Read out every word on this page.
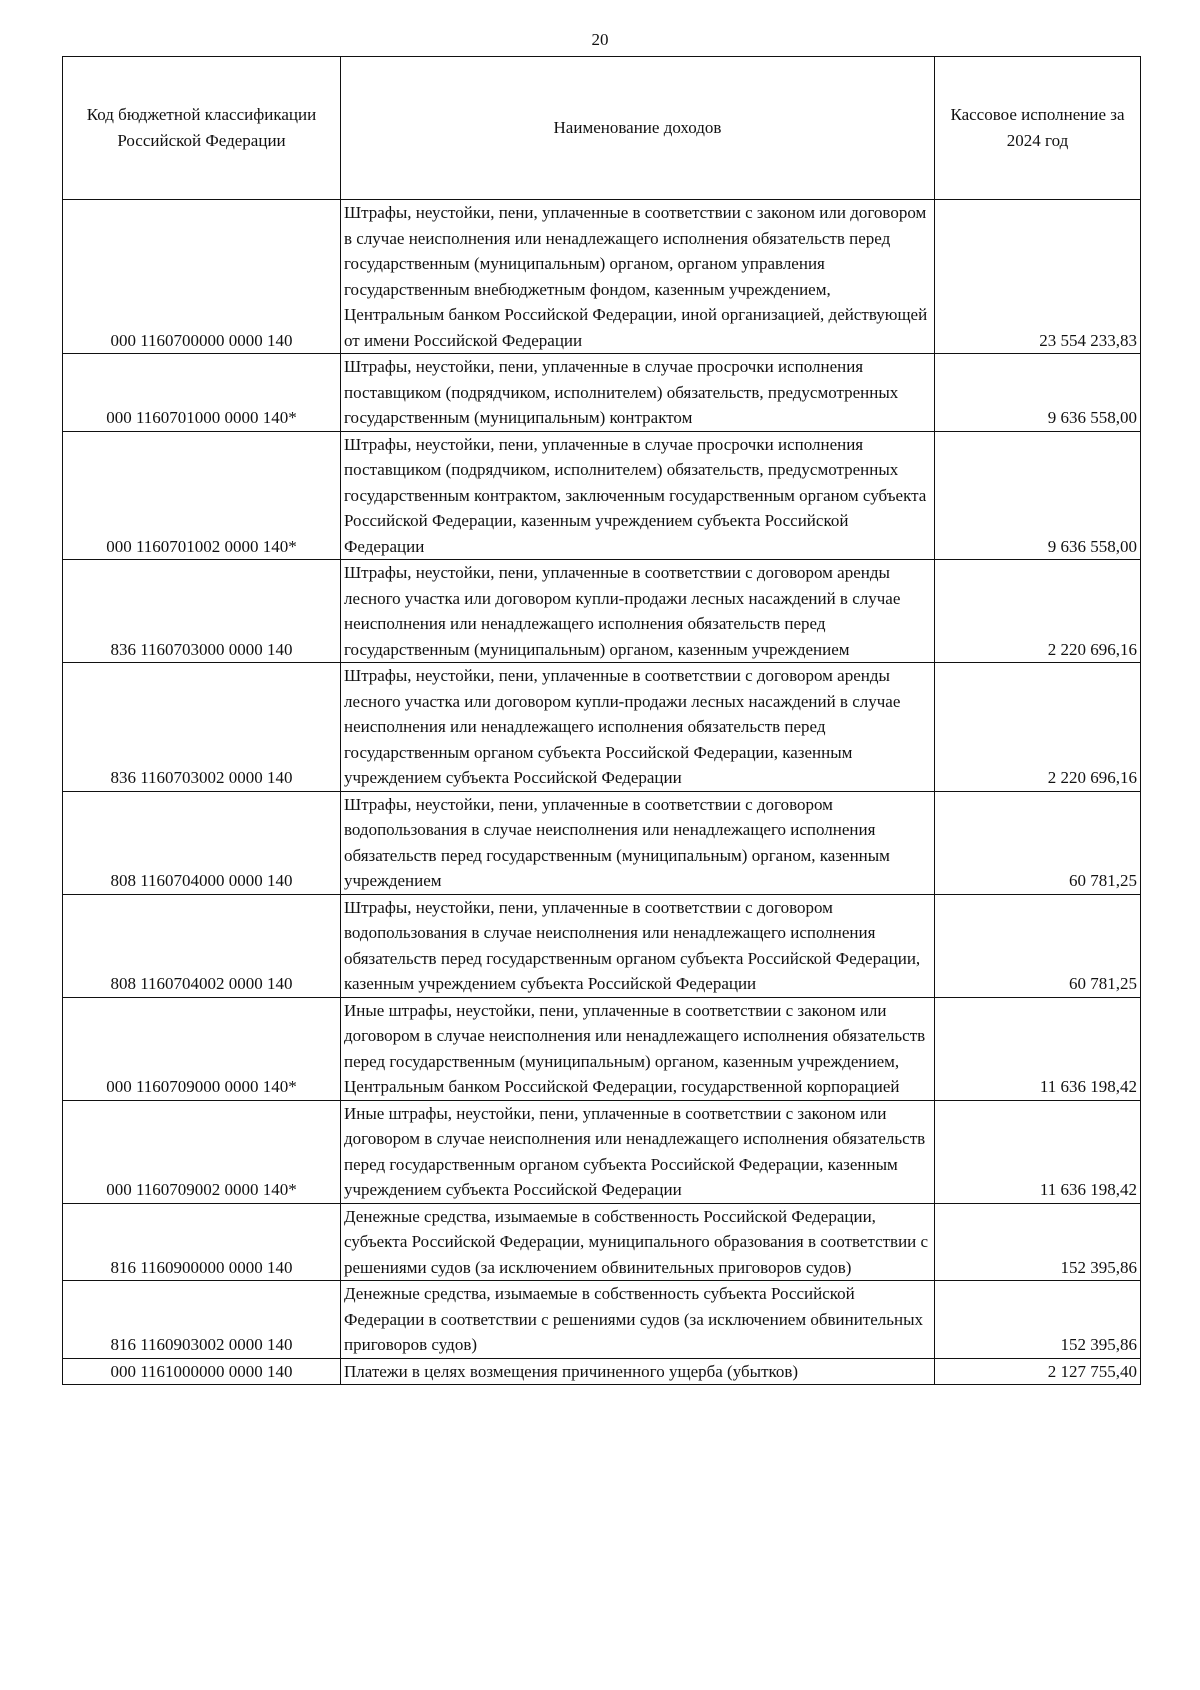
20
Код бюджетной классификации Российской Федерации	Наименование доходов	Кассовое исполнение за 2024 год
000 1160700000 0000 140	Штрафы, неустойки, пени, уплаченные в соответствии с законом или договором в случае неисполнения или ненадлежащего исполнения обязательств перед государственным (муниципальным) органом, органом управления государственным внебюджетным фондом, казенным учреждением, Центральным банком Российской Федерации, иной организацией, действующей от имени Российской Федерации	23 554 233,83
000 1160701000 0000 140*	Штрафы, неустойки, пени, уплаченные в случае просрочки исполнения поставщиком (подрядчиком, исполнителем) обязательств, предусмотренных государственным (муниципальным) контрактом	9 636 558,00
000 1160701002 0000 140*	Штрафы, неустойки, пени, уплаченные в случае просрочки исполнения поставщиком (подрядчиком, исполнителем) обязательств, предусмотренных государственным контрактом, заключенным государственным органом субъекта Российской Федерации, казенным учреждением субъекта Российской Федерации	9 636 558,00
836 1160703000 0000 140	Штрафы, неустойки, пени, уплаченные в соответствии с договором аренды лесного участка или договором купли-продажи лесных насаждений в случае неисполнения или ненадлежащего исполнения обязательств перед государственным (муниципальным) органом, казенным учреждением	2 220 696,16
836 1160703002 0000 140	Штрафы, неустойки, пени, уплаченные в соответствии с договором аренды лесного участка или договором купли-продажи лесных насаждений в случае неисполнения или ненадлежащего исполнения обязательств перед государственным органом субъекта Российской Федерации, казенным учреждением субъекта Российской Федерации	2 220 696,16
808 1160704000 0000 140	Штрафы, неустойки, пени, уплаченные в соответствии с договором водопользования в случае неисполнения или ненадлежащего исполнения обязательств перед государственным (муниципальным) органом, казенным учреждением	60 781,25
808 1160704002 0000 140	Штрафы, неустойки, пени, уплаченные в соответствии с договором водопользования в случае неисполнения или ненадлежащего исполнения обязательств перед государственным органом субъекта Российской Федерации, казенным учреждением субъекта Российской Федерации	60 781,25
000 1160709000 0000 140*	Иные штрафы, неустойки, пени, уплаченные в соответствии с законом или договором в случае неисполнения или ненадлежащего исполнения обязательств перед государственным (муниципальным) органом, казенным учреждением, Центральным банком Российской Федерации, государственной корпорацией	11 636 198,42
000 1160709002 0000 140*	Иные штрафы, неустойки, пени, уплаченные в соответствии с законом или договором в случае неисполнения или ненадлежащего исполнения обязательств перед государственным органом субъекта Российской Федерации, казенным учреждением субъекта Российской Федерации	11 636 198,42
816 1160900000 0000 140	Денежные средства, изымаемые в собственность Российской Федерации, субъекта Российской Федерации, муниципального образования в соответствии с решениями судов (за исключением обвинительных приговоров судов)	152 395,86
816 1160903002 0000 140	Денежные средства, изымаемые в собственность субъекта Российской Федерации в соответствии с решениями судов (за исключением обвинительных приговоров судов)	152 395,86
000 1161000000 0000 140	Платежи в целях возмещения причиненного ущерба (убытков)	2 127 755,40
